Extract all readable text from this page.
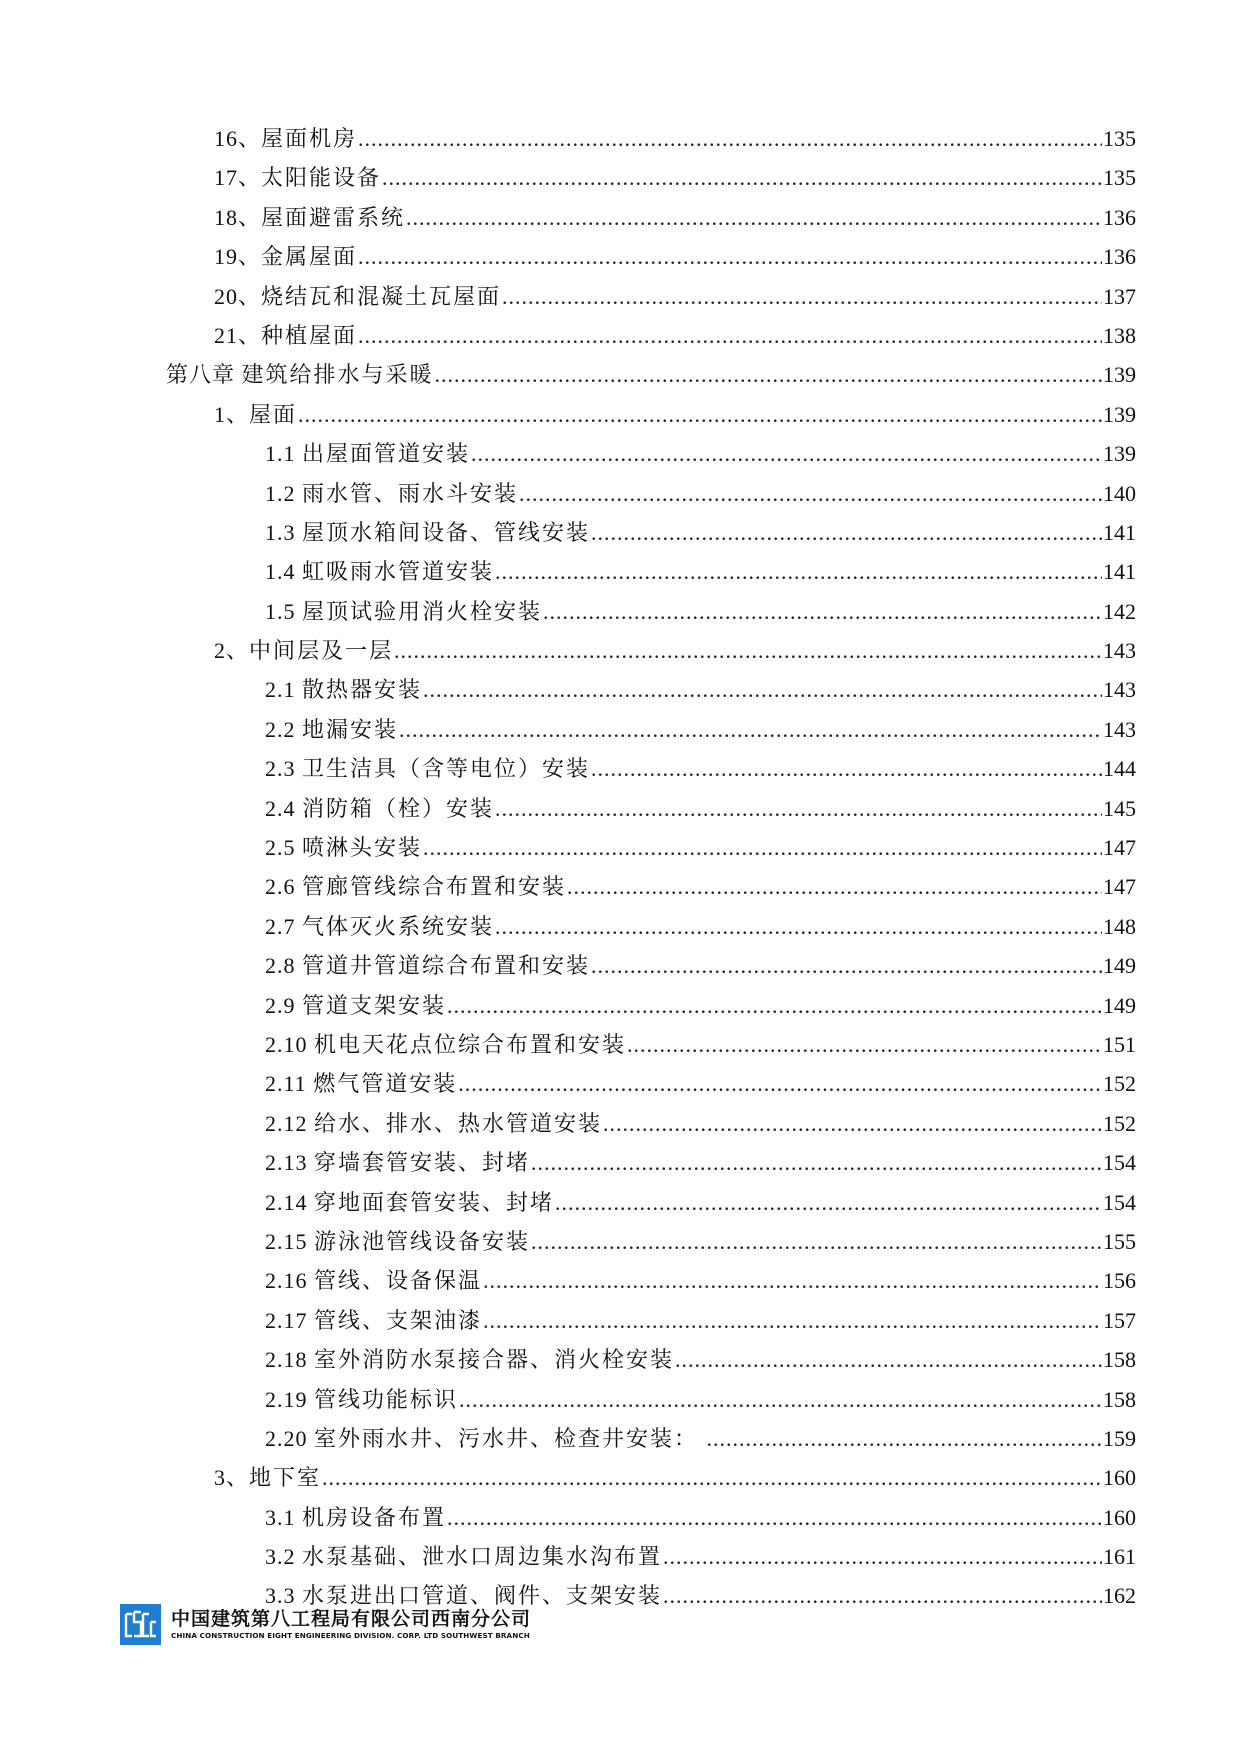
16、 屋面机房 .....	135
17、 太阳能设备 .....	135
18、 屋面避雷系统 .....	136
19、 金属屋面 .....	136
20、 烧结瓦和混凝土瓦屋面 .....	137
21、 种植屋面 .....	138
第八章 建筑给排水与采暖 .....	139
1、 屋面 .....	139
1.1 出屋面管道安装 .....	139
1.2 雨水管、雨水斗安装 .....	140
1.3 屋顶水箱间设备、管线安装 .....	141
1.4 虹吸雨水管道安装 .....	141
1.5 屋顶试验用消火栓安装 .....	142
2、 中间层及一层 .....	143
2.1 散热器安装 .....	143
2.2 地漏安装 .....	143
2.3 卫生洁具（含等电位）安装 .....	144
2.4 消防箱（栓）安装 .....	145
2.5 喷淋头安装 .....	147
2.6 管廊管线综合布置和安装 .....	147
2.7 气体灭火系统安装 .....	148
2.8 管道井管道综合布置和安装 .....	149
2.9 管道支架安装 .....	149
2.10 机电天花点位综合布置和安装 .....	151
2.11 燃气管道安装 .....	152
2.12 给水、排水、热水管道安装 .....	152
2.13 穿墙套管安装、封堵 .....	154
2.14 穿地面套管安装、封堵 .....	154
2.15 游泳池管线设备安装 .....	155
2.16 管线、设备保温 .....	156
2.17 管线、支架油漆 .....	157
2.18 室外消防水泵接合器、消火栓安装 .....	158
2.19 管线功能标识 .....	158
2.20 室外雨水井、污水井、检查井安装： .....	159
3、 地下室 .....	160
3.1 机房设备布置 .....	160
3.2 水泵基础、泄水口周边集水沟布置 .....	161
3.3 水泵进出口管道、阀件、支架安装 .....	162
中国建筑第八工程局有限公司西南分公司
CHINA CONSTRUCTION EIGHT ENGINEERING DIVISION. CORP. LTD SOUTHWEST BRANCH
